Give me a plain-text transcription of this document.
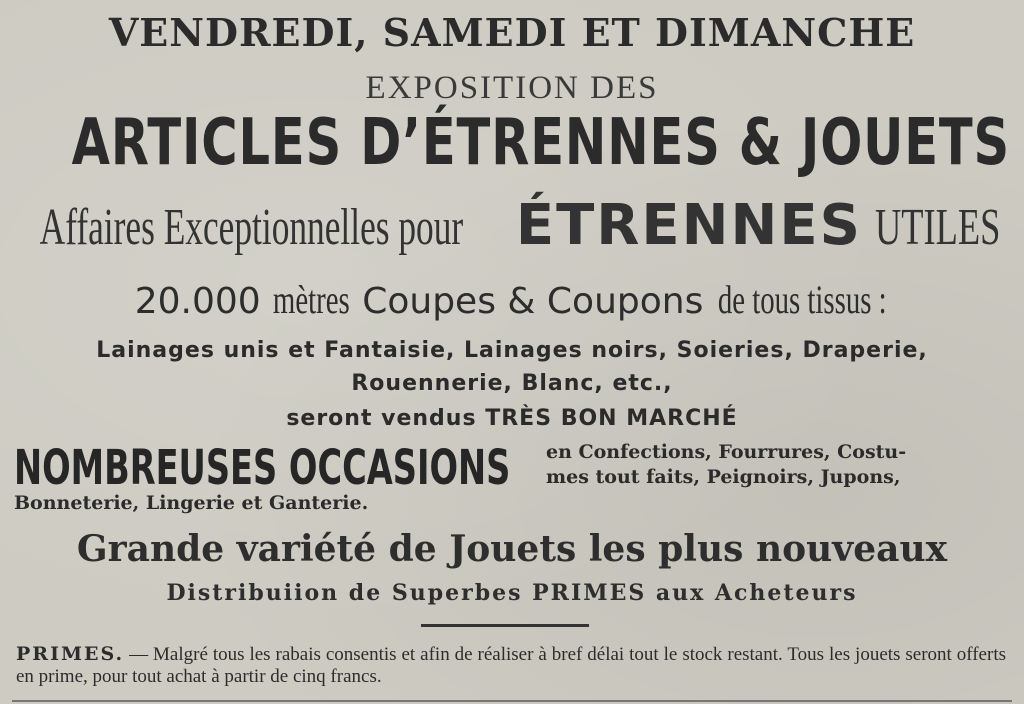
VENDREDI, SAMEDI ET DIMANCHE
EXPOSITION DES
ARTICLES D’ÉTRENNES & JOUETS
Affaires Exceptionnelles pour ÉTRENNES UTILES
20.000 mètres Coupes & Coupons de tous tissus :
Lainages unis et Fantaisie, Lainages noirs, Soieries, Draperie,
Rouennerie, Blanc, etc.,
seront vendus TRÈS BON MARCHÉ
NOMBREUSES OCCASIONS en Confections, Fourrures, Costu-
mes tout faits, Peignoirs, Jupons,
Bonneterie, Lingerie et Ganterie.
Grande variété de Jouets les plus nouveaux
Distribuiion de Superbes PRIMES aux Acheteurs
PRIMES. — Malgré tous les rabais consentis et afin de réaliser à bref délai tout le stock restant. Tous les jouets seront offerts en prime, pour tout achat à partir de cinq francs.
